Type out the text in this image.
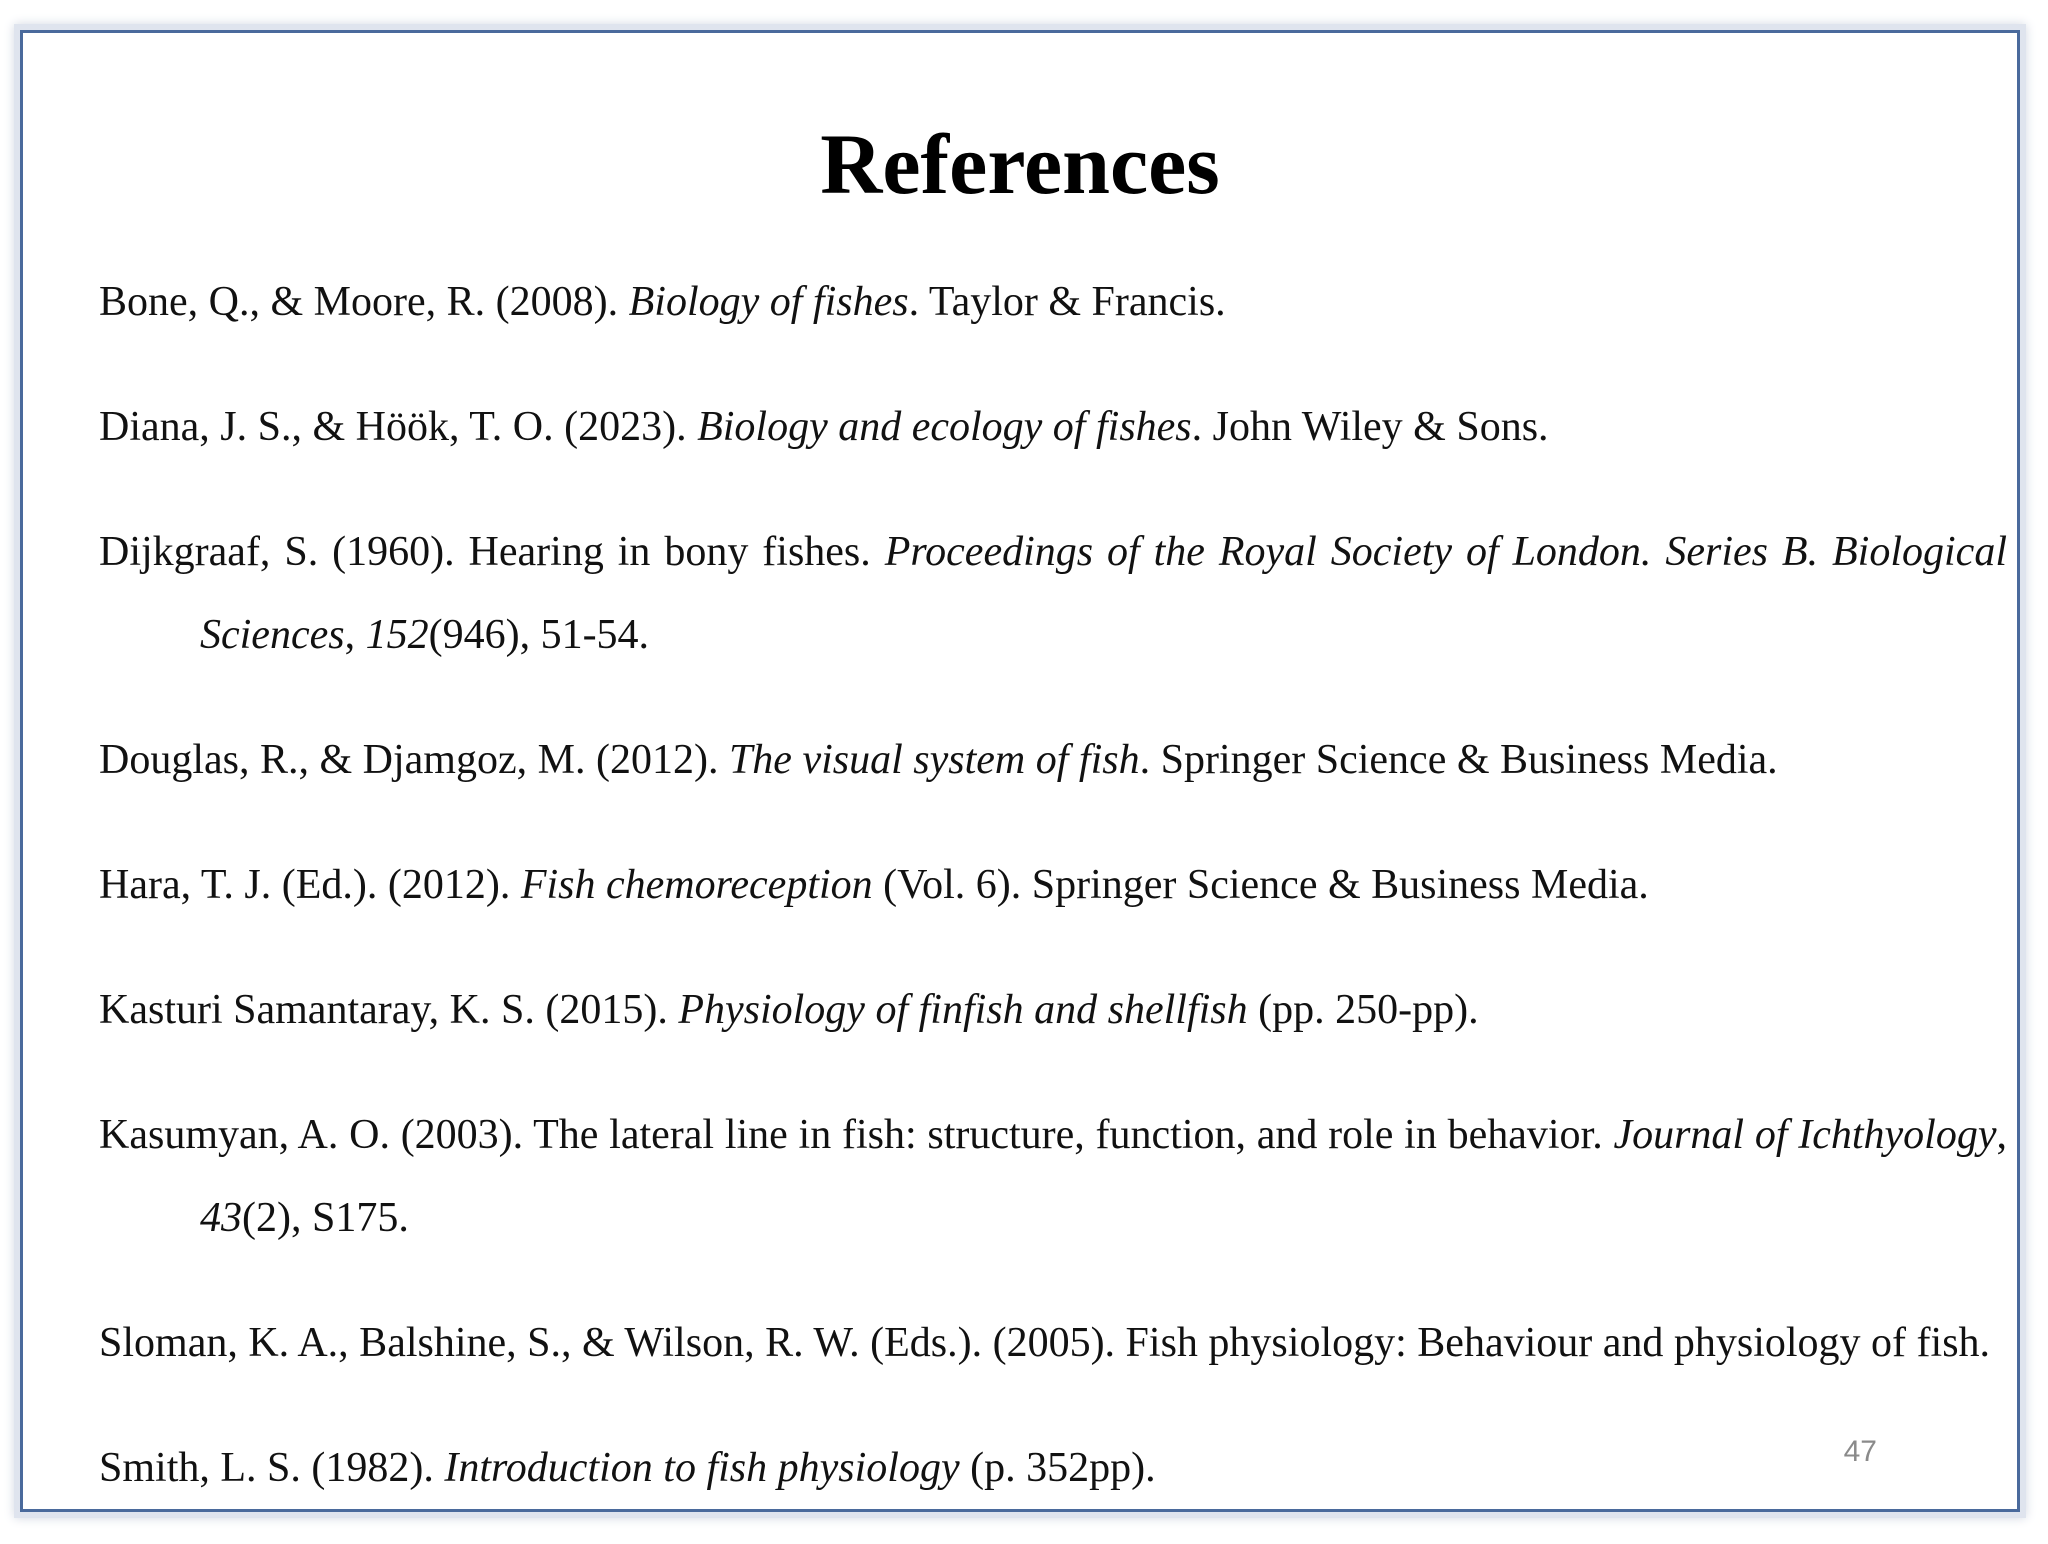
References

Bone, Q., & Moore, R. (2008). Biology of fishes. Taylor & Francis.

Diana, J. S., & Höök, T. O. (2023). Biology and ecology of fishes. John Wiley & Sons.

Dijkgraaf, S. (1960). Hearing in bony fishes. Proceedings of the Royal Society of London. Series B. Biological Sciences, 152(946), 51-54.

Douglas, R., & Djamgoz, M. (2012). The visual system of fish. Springer Science & Business Media.

Hara, T. J. (Ed.). (2012). Fish chemoreception (Vol. 6). Springer Science & Business Media.

Kasturi Samantaray, K. S. (2015). Physiology of finfish and shellfish (pp. 250-pp).

Kasumyan, A. O. (2003). The lateral line in fish: structure, function, and role in behavior. Journal of Ichthyology, 43(2), S175.

Sloman, K. A., Balshine, S., & Wilson, R. W. (Eds.). (2005). Fish physiology: Behaviour and physiology of fish.

Smith, L. S. (1982). Introduction to fish physiology (p. 352pp).	47
